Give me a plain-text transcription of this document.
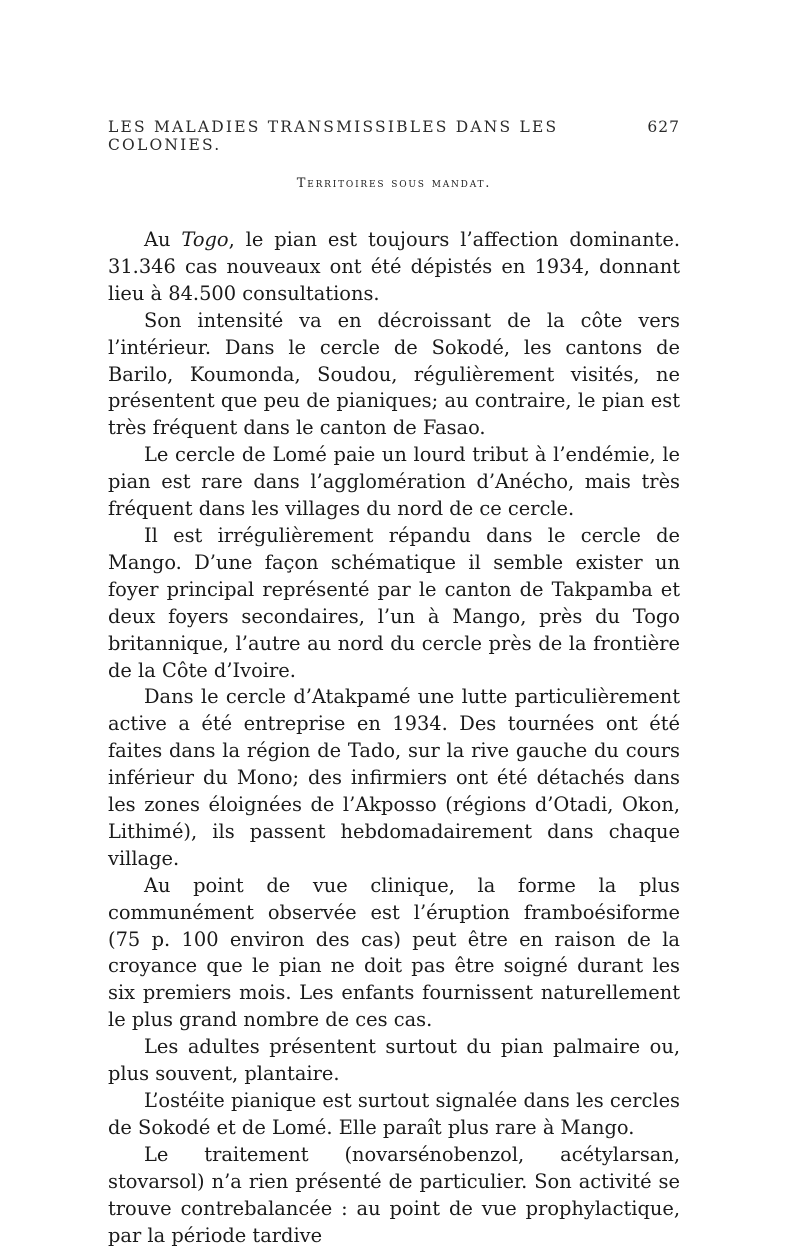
LES MALADIES TRANSMISSIBLES DANS LES COLONIES.
627
Territoires sous mandat.

Au Togo, le pian est toujours l’affection dominante. 31.346 cas nouveaux ont été dépistés en 1934, donnant lieu à 84.500 consultations.

Son intensité va en décroissant de la côte vers l’intérieur. Dans le cercle de Sokodé, les cantons de Barilo, Koumonda, Soudou, régulièrement visités, ne présentent que peu de pianiques; au contraire, le pian est très fréquent dans le canton de Fasao.

Le cercle de Lomé paie un lourd tribut à l’endémie, le pian est rare dans l’agglomération d’Anécho, mais très fréquent dans les villages du nord de ce cercle.

Il est irrégulièrement répandu dans le cercle de Mango. D’une façon schématique il semble exister un foyer principal représenté par le canton de Takpamba et deux foyers secondaires, l’un à Mango, près du Togo britannique, l’autre au nord du cercle près de la frontière de la Côte d’Ivoire.

Dans le cercle d’Atakpamé une lutte particulièrement active a été entreprise en 1934. Des tournées ont été faites dans la région de Tado, sur la rive gauche du cours inférieur du Mono; des infirmiers ont été détachés dans les zones éloignées de l’Akposso (régions d’Otadi, Okon, Lithimé), ils passent hebdomadairement dans chaque village.

Au point de vue clinique, la forme la plus communément observée est l’éruption framboésiforme (75 p. 100 environ des cas) peut être en raison de la croyance que le pian ne doit pas être soigné durant les six premiers mois. Les enfants fournissent naturellement le plus grand nombre de ces cas.

Les adultes présentent surtout du pian palmaire ou, plus souvent, plantaire.

L’ostéite pianique est surtout signalée dans les cercles de Sokodé et de Lomé. Elle paraît plus rare à Mango.

Le traitement (novarsénobenzol, acétylarsan, stovarsol) n’a rien présenté de particulier. Son activité se trouve contrebalancée : au point de vue prophylactique, par la période tardive
